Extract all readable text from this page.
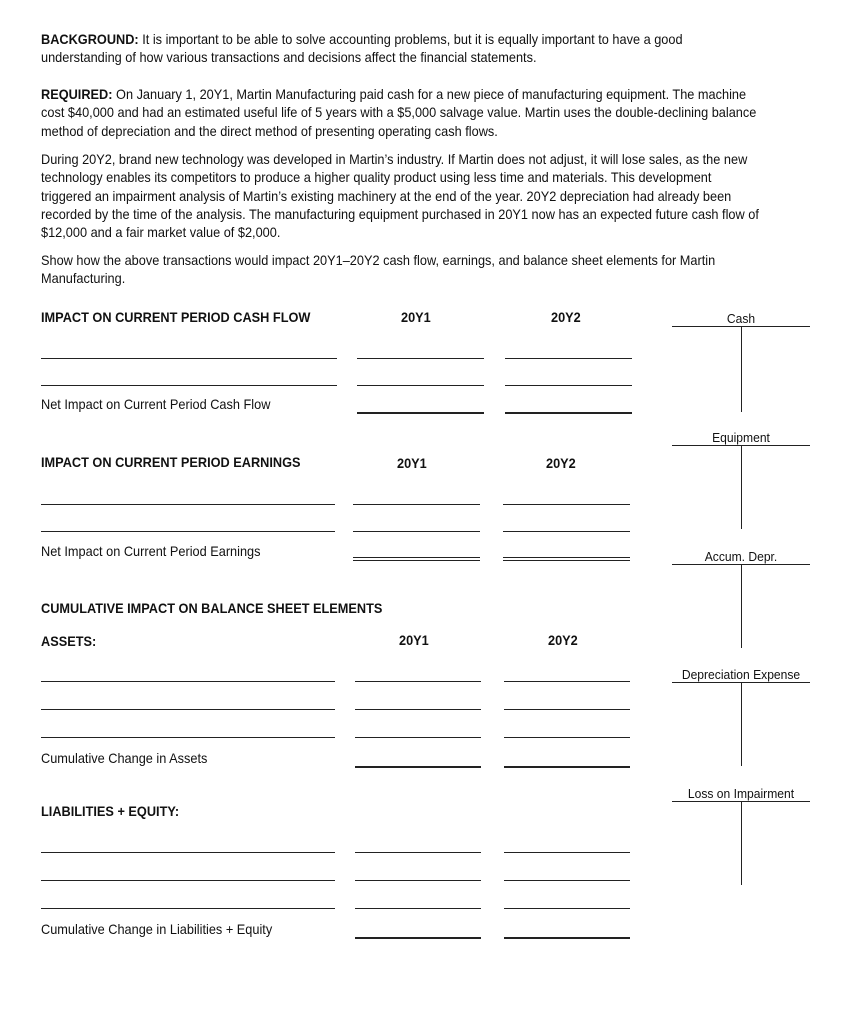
BACKGROUND: It is important to be able to solve accounting problems, but it is equally important to have a good understanding of how various transactions and decisions affect the financial statements.
REQUIRED: On January 1, 20Y1, Martin Manufacturing paid cash for a new piece of manufacturing equipment. The machine cost $40,000 and had an estimated useful life of 5 years with a $5,000 salvage value. Martin uses the double-declining balance method of depreciation and the direct method of presenting operating cash flows.
During 20Y2, brand new technology was developed in Martin’s industry. If Martin does not adjust, it will lose sales, as the new technology enables its competitors to produce a higher quality product using less time and materials. This development triggered an impairment analysis of Martin’s existing machinery at the end of the year. 20Y2 depreciation had already been recorded by the time of the analysis. The manufacturing equipment purchased in 20Y1 now has an expected future cash flow of $12,000 and a fair market value of $2,000.
Show how the above transactions would impact 20Y1–20Y2 cash flow, earnings, and balance sheet elements for Martin Manufacturing.
IMPACT ON CURRENT PERIOD CASH FLOW	20Y1	20Y2
Net Impact on Current Period Cash Flow
IMPACT ON CURRENT PERIOD EARNINGS	20Y1	20Y2
Net Impact on Current Period Earnings
CUMULATIVE IMPACT ON BALANCE SHEET ELEMENTS
ASSETS:	20Y1	20Y2
Cumulative Change in Assets
LIABILITIES + EQUITY:
Cumulative Change in Liabilities + Equity
Cash
Equipment
Accum. Depr.
Depreciation Expense
Loss on Impairment
